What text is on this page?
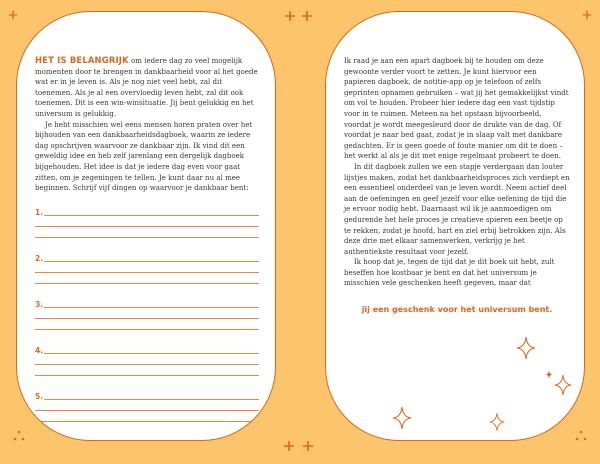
HET IS BELANGRIJK om iedere dag zo veel mogelijk momenten door te brengen in dankbaarheid voor al het goede wat er in je leven is. Als je nog niet veel hebt, zal dit toenemen. Als je al een overvloedig leven hebt, zal dit ook toenemen. Dit is een win-winsituatie. Jij bent gelukkig en het universum is gelukkig.

Je hebt misschien wel eens mensen horen praten over het bijhouden van een dankbaarheidsdagboek, waarin ze iedere dag opschrijven waarvoor ze dankbaar zijn. Ik vind dit een geweldig idee en heb zelf jarenlang een dergelijk dagboek bijgehouden. Het idee is dat je iedere dag even voor gaat zitten, om je zegeningen te tellen. Je kunt daar nu al mee beginnen. Schrijf vijf dingen op waarvoor je dankbaar bent:

1.
2.
3.
4.
5.

Ik raad je aan een apart dagboek bij te houden om deze gewoonte verder voort te zetten. Je kunt hiervoor een papieren dagboek, de notitie-app op je telefoon of zelfs geprinten opnamen gebruiken – wat jij het gemakkelijkst vindt om vol te houden. Probeer hier iedere dag een vast tijdstip voor in te ruimen. Meteen na het opstaan bijvoorbeeld, voordat je wordt meegesleurd door de drukte van de dag. Of voordat je naar bed gaat, zodat je in slaap valt met dankbare gedachten. Er is geen goede of foute manier om dit te doen – het werkt al als je dit met enige regelmaat probeert te doen.

In dit dagboek zullen we een stapje verdergaan dan louter lijstjes maken, zodat het dankbaarheidsproces zich verdiept en een essentieel onderdeel van je leven wordt. Neem actief deel aan de oefeningen en geef jezelf voor elke oefening de tijd die je ervoor nodig hebt. Daarnaast wil ik je aanmoedigen om gedurende het hele proces je creatieve spieren een beetje op te rekken, zodat je hoofd, hart en ziel erbij betrokken zijn. Als deze drie met elkaar samenwerken, verkrijg je het authentiekste resultaat voor jezelf.

Ik hoop dat je, tegen de tijd dat je dit boek uit hebt, zult beseffen hoe kostbaar je bent en dat het universum je misschien vele geschenken heeft gegeven, maar dat

jij een geschenk voor het universum bent.
